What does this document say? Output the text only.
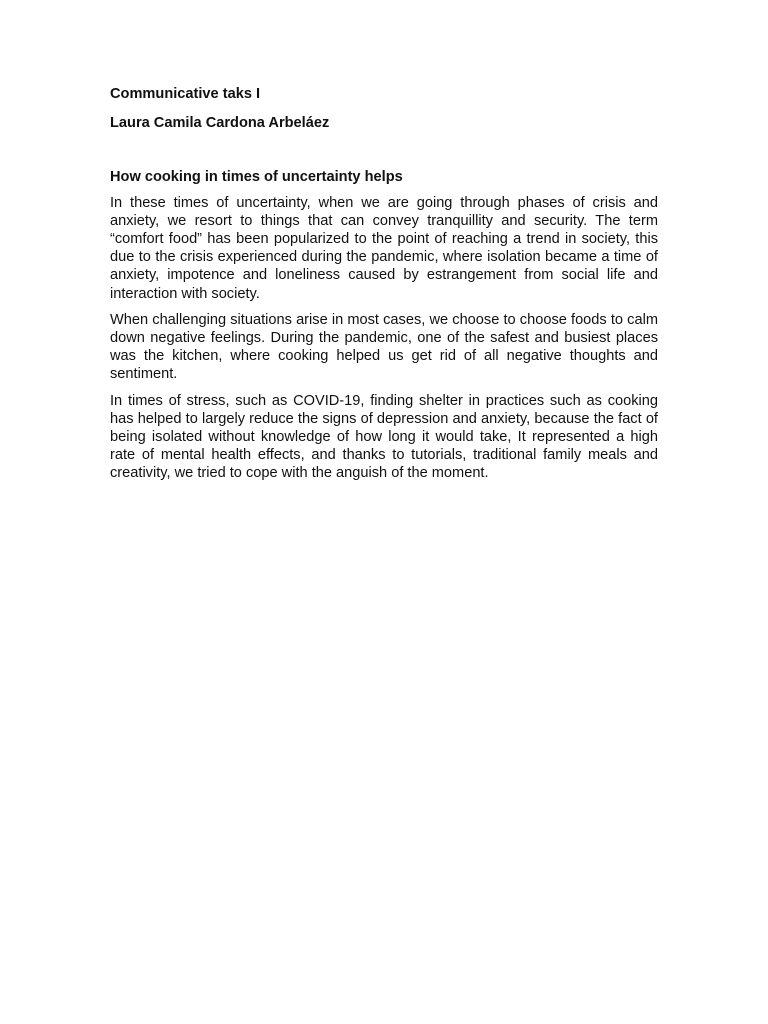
Communicative taks I

Laura Camila Cardona Arbeláez

How cooking in times of uncertainty helps

In these times of uncertainty, when we are going through phases of crisis and anxiety, we resort to things that can convey tranquillity and security. The term “comfort food” has been popularized to the point of reaching a trend in society, this due to the crisis experienced during the pandemic, where isolation became a time of anxiety, impotence and loneliness caused by estrangement from social life and interaction with society.

When challenging situations arise in most cases, we choose to choose foods to calm down negative feelings. During the pandemic, one of the safest and busiest places was the kitchen, where cooking helped us get rid of all negative thoughts and sentiment.

In times of stress, such as COVID-19, finding shelter in practices such as cooking has helped to largely reduce the signs of depression and anxiety, because the fact of being isolated without knowledge of how long it would take, It represented a high rate of mental health effects, and thanks to tutorials, traditional family meals and creativity, we tried to cope with the anguish of the moment.
